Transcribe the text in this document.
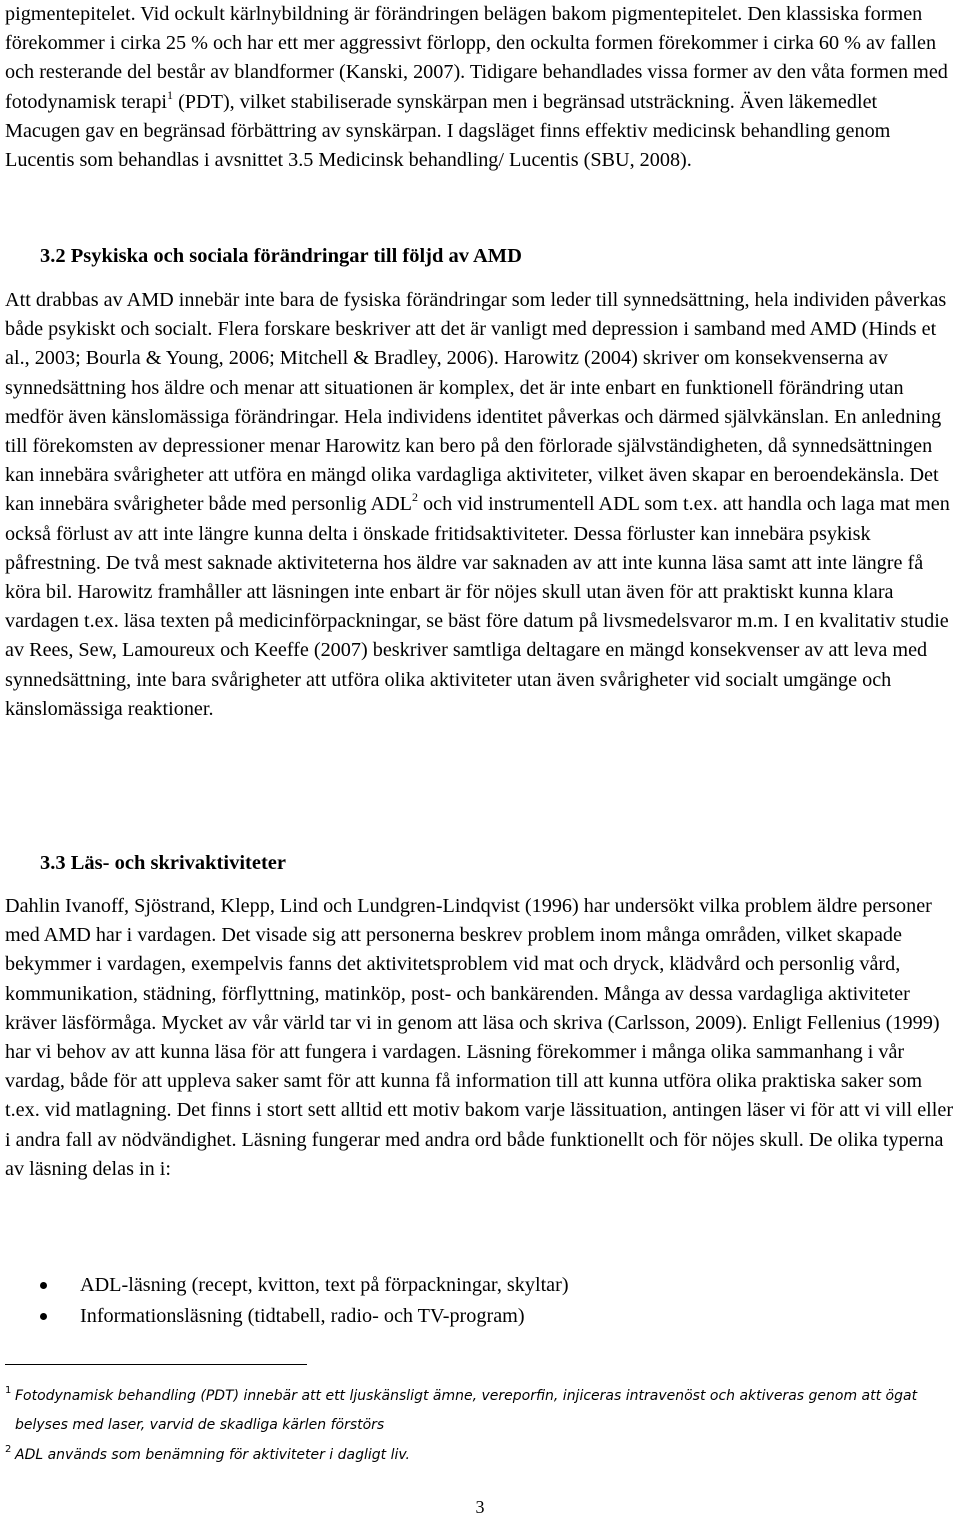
pigmentepitelet. Vid ockult kärlnybildning är förändringen belägen bakom pigmentepitelet. Den klassiska formen förekommer i cirka 25 % och har ett mer aggressivt förlopp, den ockulta formen förekommer i cirka 60 % av fallen och resterande del består av blandformer (Kanski, 2007). Tidigare behandlades vissa former av den våta formen med fotodynamisk terapi$^1$ (PDT), vilket stabiliserade synskärpan men i begränsad utsträckning. Även läkemedlet Macugen gav en begränsad förbättring av synskärpan. I dagsläget finns effektiv medicinsk behandling genom Lucentis som behandlas i avsnittet 3.5 Medicinsk behandling/ Lucentis (SBU, 2008).

3.2 Psykiska och sociala förändringar till följd av AMD

Att drabbas av AMD innebär inte bara de fysiska förändringar som leder till synnedsättning, hela individen påverkas både psykiskt och socialt. Flera forskare beskriver att det är vanligt med depression i samband med AMD (Hinds et al., 2003; Bourla & Young, 2006; Mitchell & Bradley, 2006). Harowitz (2004) skriver om konsekvenserna av synnedsättning hos äldre och menar att situationen är komplex, det är inte enbart en funktionell förändring utan medför även känslomässiga förändringar. Hela individens identitet påverkas och därmed självkänslan. En anledning till förekomsten av depressioner menar Harowitz kan bero på den förlorade självständigheten, då synnedsättningen kan innebära svårigheter att utföra en mängd olika vardagliga aktiviteter, vilket även skapar en beroendekänsla. Det kan innebära svårigheter både med personlig ADL$^2$ och vid instrumentell ADL som t.ex. att handla och laga mat men också förlust av att inte längre kunna delta i önskade fritidsaktiviteter. Dessa förluster kan innebära psykisk påfrestning. De två mest saknade aktiviteterna hos äldre var saknaden av att inte kunna läsa samt att inte längre få köra bil. Harowitz framhåller att läsningen inte enbart är för nöjes skull utan även för att praktiskt kunna klara vardagen t.ex. läsa texten på medicinförpackningar, se bäst före datum på livsmedelsvaror m.m. I en kvalitativ studie av Rees, Sew, Lamoureux och Keeffe (2007) beskriver samtliga deltagare en mängd konsekvenser av att leva med synnedsättning, inte bara svårigheter att utföra olika aktiviteter utan även svårigheter vid socialt umgänge och känslomässiga reaktioner.

3.3 Läs- och skrivaktiviteter

Dahlin Ivanoff, Sjöstrand, Klepp, Lind och Lundgren-Lindqvist (1996) har undersökt vilka problem äldre personer med AMD har i vardagen. Det visade sig att personerna beskrev problem inom många områden, vilket skapade bekymmer i vardagen, exempelvis fanns det aktivitetsproblem vid mat och dryck, klädvård och personlig vård, kommunikation, städning, förflyttning, matinköp, post- och bankärenden. Många av dessa vardagliga aktiviteter kräver läsförmåga. Mycket av vår värld tar vi in genom att läsa och skriva (Carlsson, 2009). Enligt Fellenius (1999) har vi behov av att kunna läsa för att fungera i vardagen. Läsning förekommer i många olika sammanhang i vår vardag, både för att uppleva saker samt för att kunna få information till att kunna utföra olika praktiska saker som t.ex. vid matlagning. Det finns i stort sett alltid ett motiv bakom varje lässituation, antingen läser vi för att vi vill eller i andra fall av nödvändighet. Läsning fungerar med andra ord både funktionellt och för nöjes skull. De olika typerna av läsning delas in i:

ADL-läsning (recept, kvitton, text på förpackningar, skyltar)
Informationsläsning (tidtabell, radio- och TV-program)
1 Fotodynamisk behandling (PDT) innebär att ett ljuskänsligt ämne, vereporfin, injiceras intravenöst och aktiveras genom att ögat belyses med laser, varvid de skadliga kärlen förstörs
2 ADL används som benämning för aktiviteter i dagligt liv.
3
